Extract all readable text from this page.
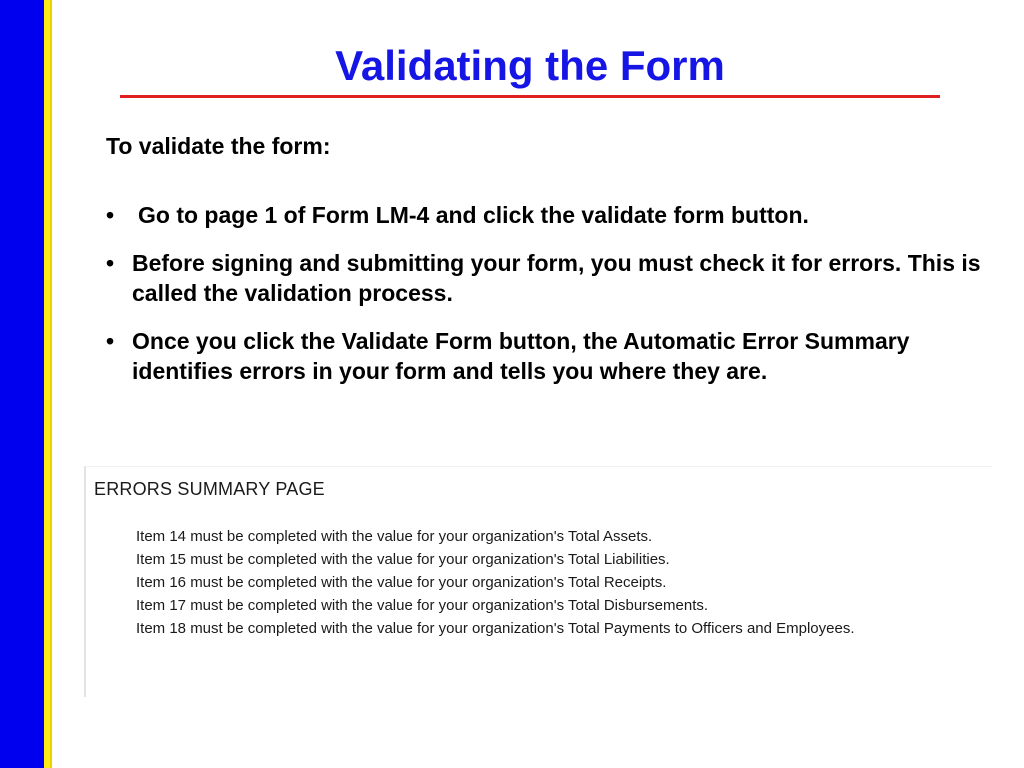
Validating the Form

To validate the form:

•	Go to page 1 of Form LM-4 and click the validate form button.
• Before signing and submitting your form, you must check it for errors. This is called the validation process.
• Once you click the Validate Form button, the Automatic Error Summary identifies errors in your form and tells you where they are.
ERRORS SUMMARY PAGE
Item 14 must be completed with the value for your organization's Total Assets.
Item 15 must be completed with the value for your organization's Total Liabilities.
Item 16 must be completed with the value for your organization's Total Receipts.
Item 17 must be completed with the value for your organization's Total Disbursements.
Item 18 must be completed with the value for your organization's Total Payments to Officers and Employees.
